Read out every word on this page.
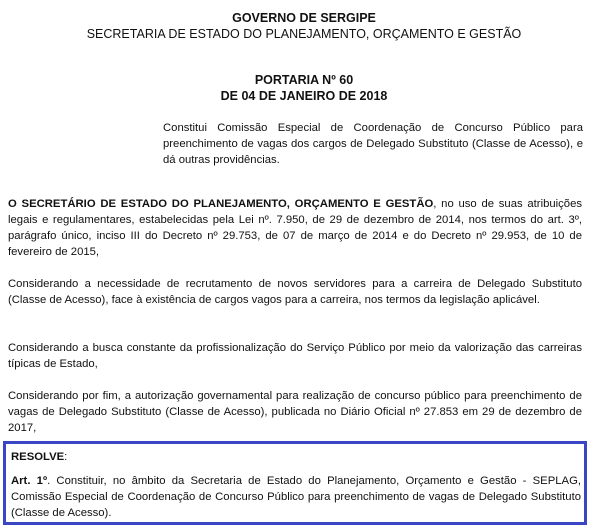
GOVERNO DE SERGIPE
SECRETARIA DE ESTADO DO PLANEJAMENTO, ORÇAMENTO E GESTÃO
PORTARIA Nº 60
DE 04 DE JANEIRO DE 2018

Constitui Comissão Especial de Coordenação de Concurso Público para preenchimento de vagas dos cargos de Delegado Substituto (Classe de Acesso), e dá outras providências.

O SECRETÁRIO DE ESTADO DO PLANEJAMENTO, ORÇAMENTO E GESTÃO, no uso de suas atribuições legais e regulamentares, estabelecidas pela Lei nº. 7.950, de 29 de dezembro de 2014, nos termos do art. 3º, parágrafo único, inciso III do Decreto nº 29.753, de 07 de março de 2014 e do Decreto nº 29.953, de 10 de fevereiro de 2015,

Considerando a necessidade de recrutamento de novos servidores para a carreira de Delegado Substituto (Classe de Acesso), face à existência de cargos vagos para a carreira, nos termos da legislação aplicável.

Considerando a busca constante da profissionalização do Serviço Público por meio da valorização das carreiras típicas de Estado,

Considerando por fim, a autorização governamental para realização de concurso público para preenchimento de vagas de Delegado Substituto (Classe de Acesso), publicada no Diário Oficial nº 27.853 em 29 de dezembro de 2017,

RESOLVE:

Art. 1º. Constituir, no âmbito da Secretaria de Estado do Planejamento, Orçamento e Gestão - SEPLAG, Comissão Especial de Coordenação de Concurso Público para preenchimento de vagas de Delegado Substituto (Classe de Acesso).
